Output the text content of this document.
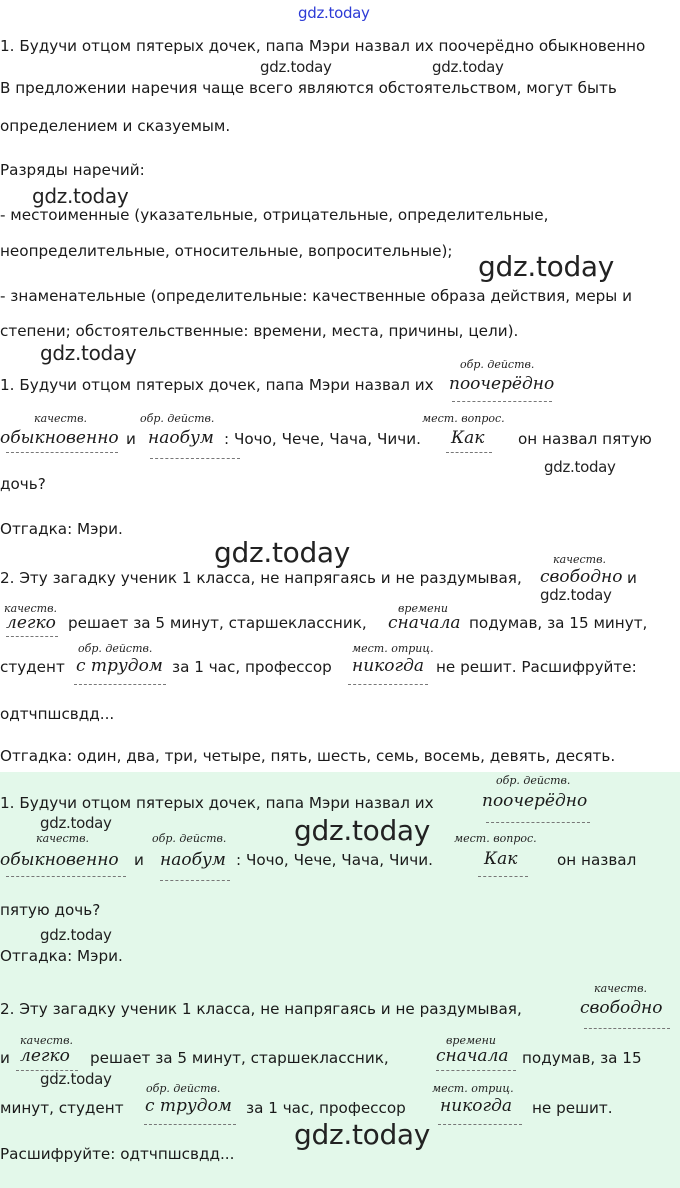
gdz.today
gdz.today	gdz.today
gdz.today
gdz.today
gdz.today
gdz.today
gdz.today
gdz.today
gdz.today	gdz.today
gdz.today
gdz.today
gdz.today
1. Будучи отцом пятерых дочек, папа Мэри назвал их поочерёдно обыкновенно
В предложении наречия чаще всего являются обстоятельством, могут быть
определением и сказуемым.
Разряды наречий:
- местоименные (указательные, отрицательные, определительные,
неопределительные, относительные, вопросительные);
- знаменательные (определительные: качественные образа действия, меры и
степени; обстоятельственные: времени, места, причины, цели).
1. Будучи отцом пятерых дочек, папа Мэри назвал их
обр. действ.
поочерёдно
качеств.
обыкновенно и
обр. действ.
наобум : Чочо, Чече, Чача, Чичи.
мест. вопрос.
Как он назвал пятую
дочь?
Отгадка: Мэри.
2. Эту загадку ученик 1 класса, не напрягаясь и не раздумывая,
качеств.
свободно и
качеств.
легко решает за 5 минут, старшеклассник,
времени
сначала подумав, за 15 минут,
студент
обр. действ.
с трудом за 1 час, профессор
мест. отриц.
никогда не решит. Расшифруйте:
одтчпшсвдд...
Отгадка: один, два, три, четыре, пять, шесть, семь, восемь, девять, десять.
1. Будучи отцом пятерых дочек, папа Мэри назвал их
обр. действ.
поочерёдно
качеств.
обыкновенно и
обр. действ.
наобум : Чочо, Чече, Чача, Чичи.
мест. вопрос.
Как	он назвал
пятую дочь?
Отгадка: Мэри.
2. Эту загадку ученик 1 класса, не напрягаясь и не раздумывая,
качеств.
свободно
и
качеств.
легко решает за 5 минут, старшеклассник,
времени
сначала подумав, за 15
минут, студент
обр. действ.
с трудом за 1 час, профессор
мест. отриц.
никогда не решит.
Расшифруйте: одтчпшсвдд...
